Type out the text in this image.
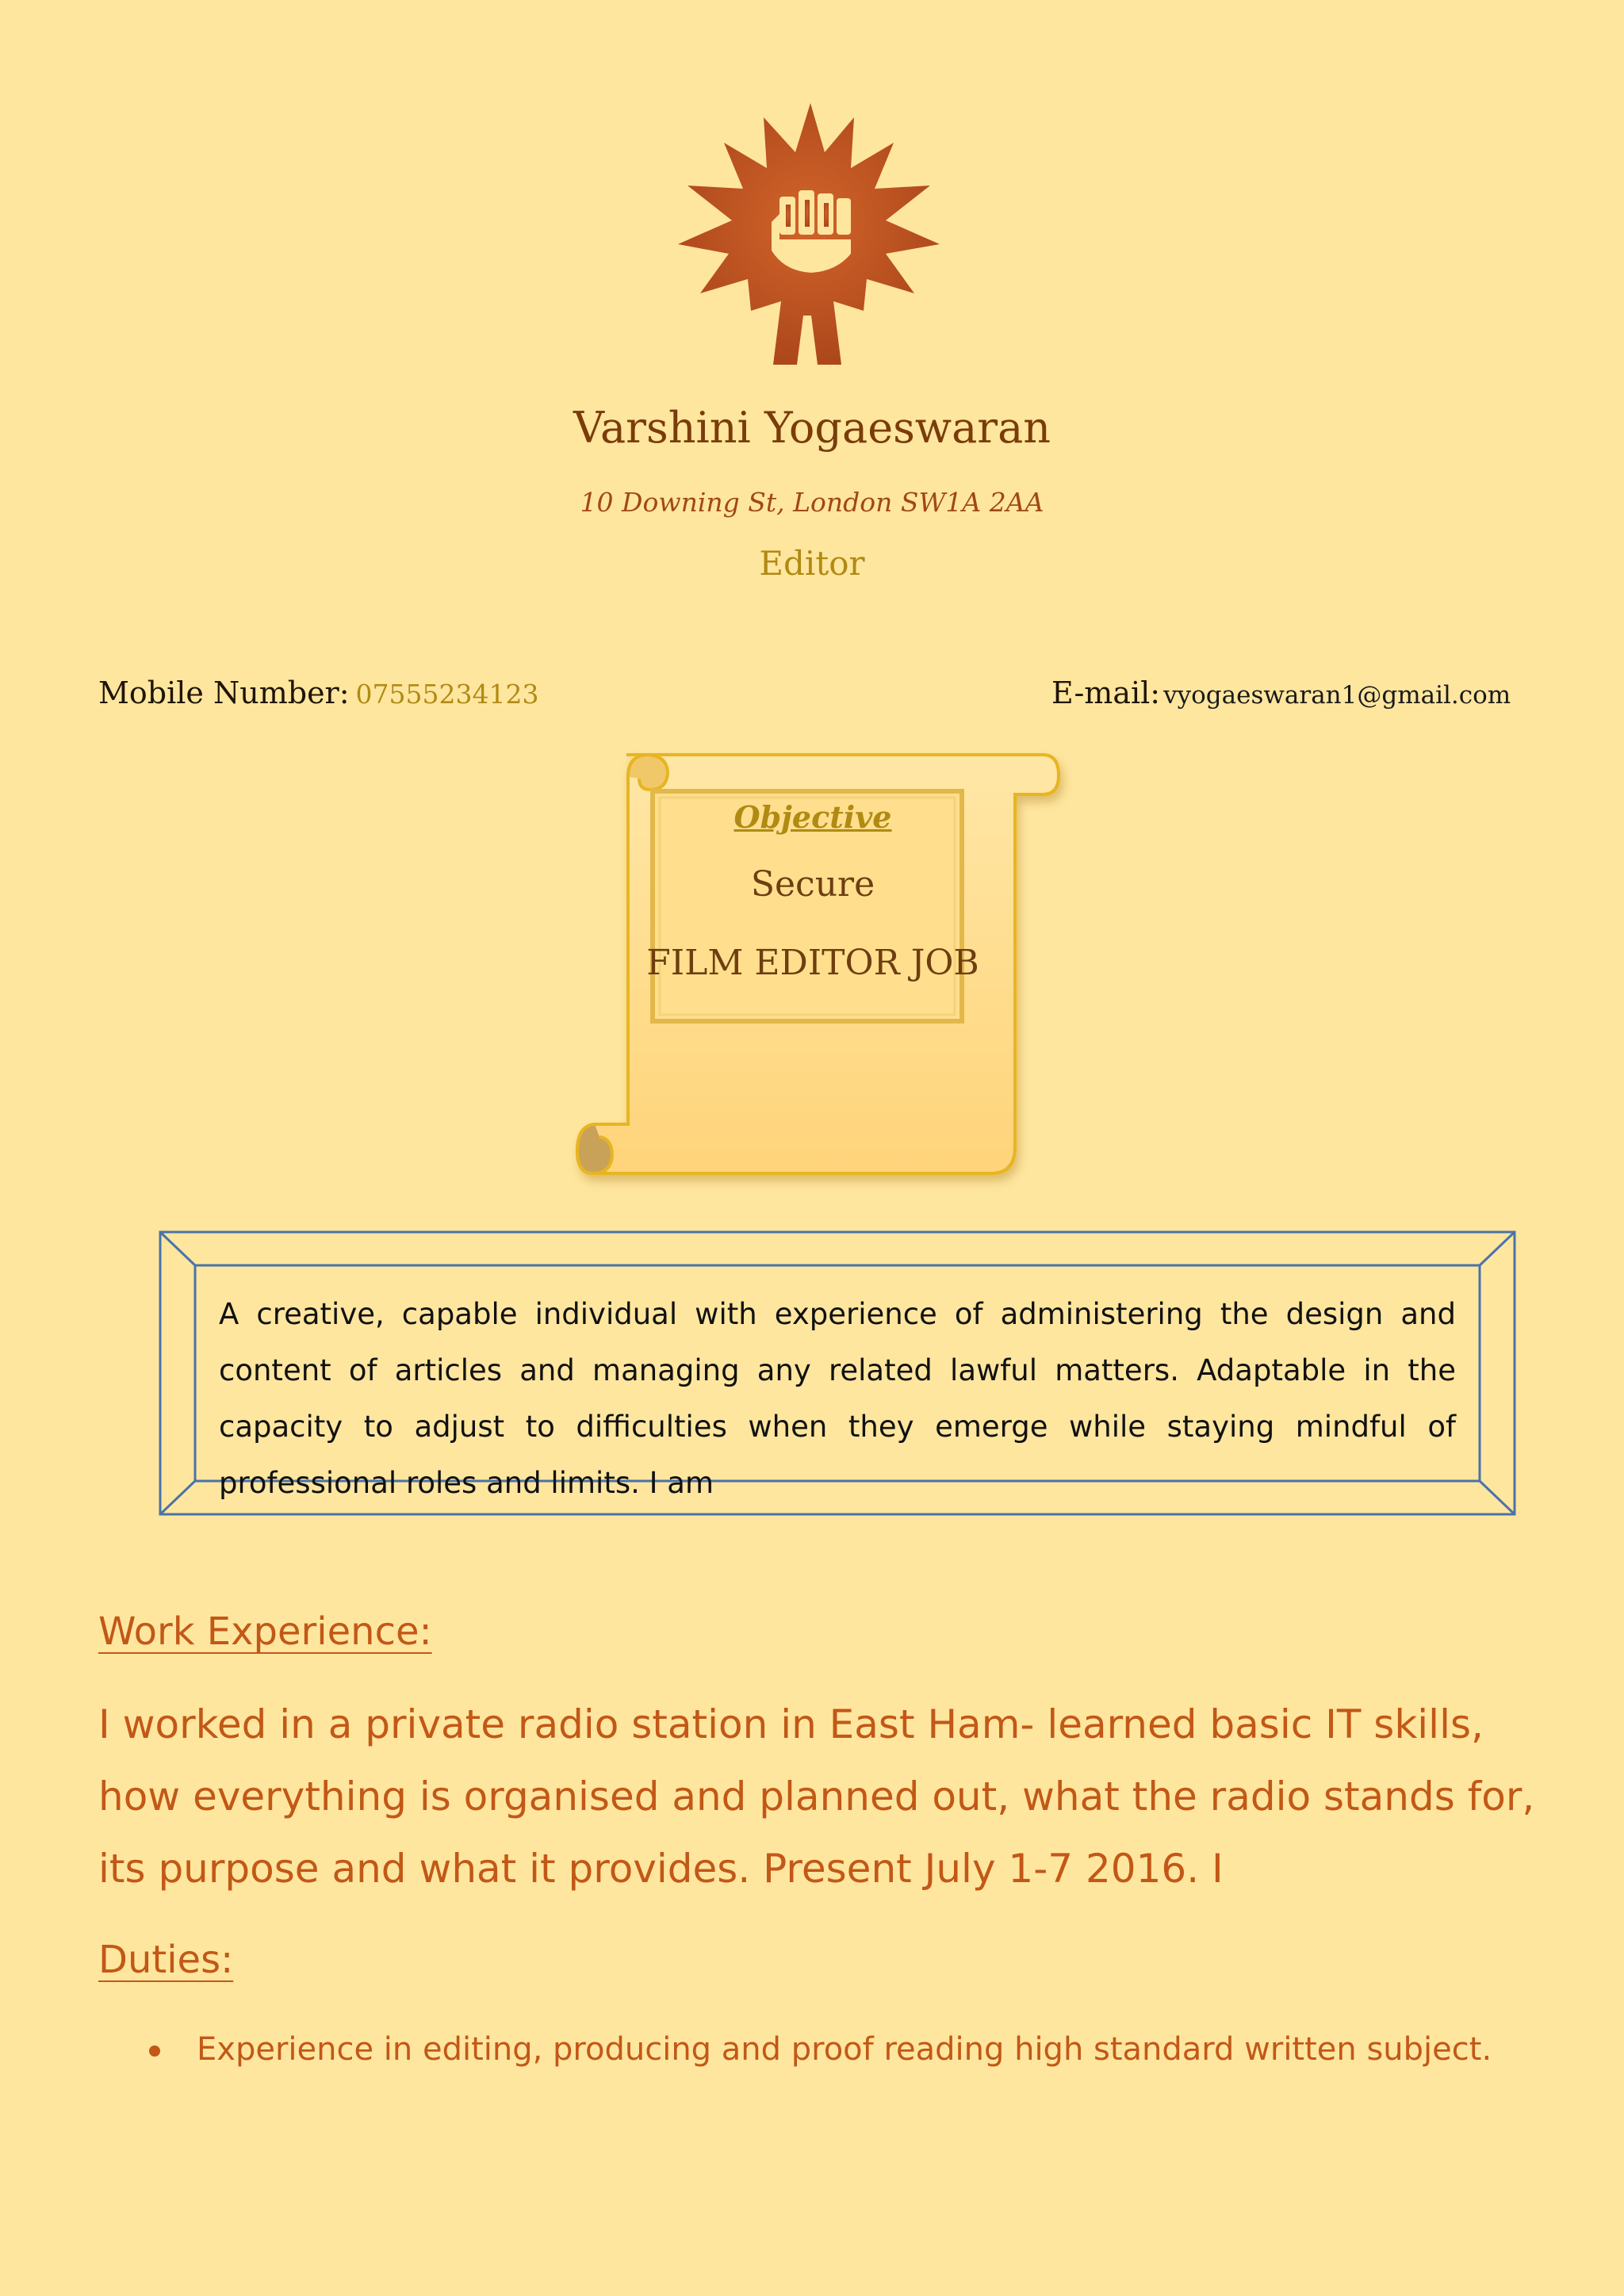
Varshini Yogaeswaran
10 Downing St, London SW1A 2AA
Editor
Mobile Number: 07555234123	E-mail: vyogaeswaran1@gmail.com
Objective
Secure
FILM EDITOR JOB
A creative, capable individual with experience of administering the design and content of articles and managing any related lawful matters. Adaptable in the capacity to adjust to difficulties when they emerge while staying mindful of professional roles and limits. I am
Work Experience:
I worked in a private radio station in East Ham- learned basic IT skills, how everything is organised and planned out, what the radio stands for, its purpose and what it provides. Present July 1-7 2016. I
Duties:
Experience in editing, producing and proof reading high standard written subject.
